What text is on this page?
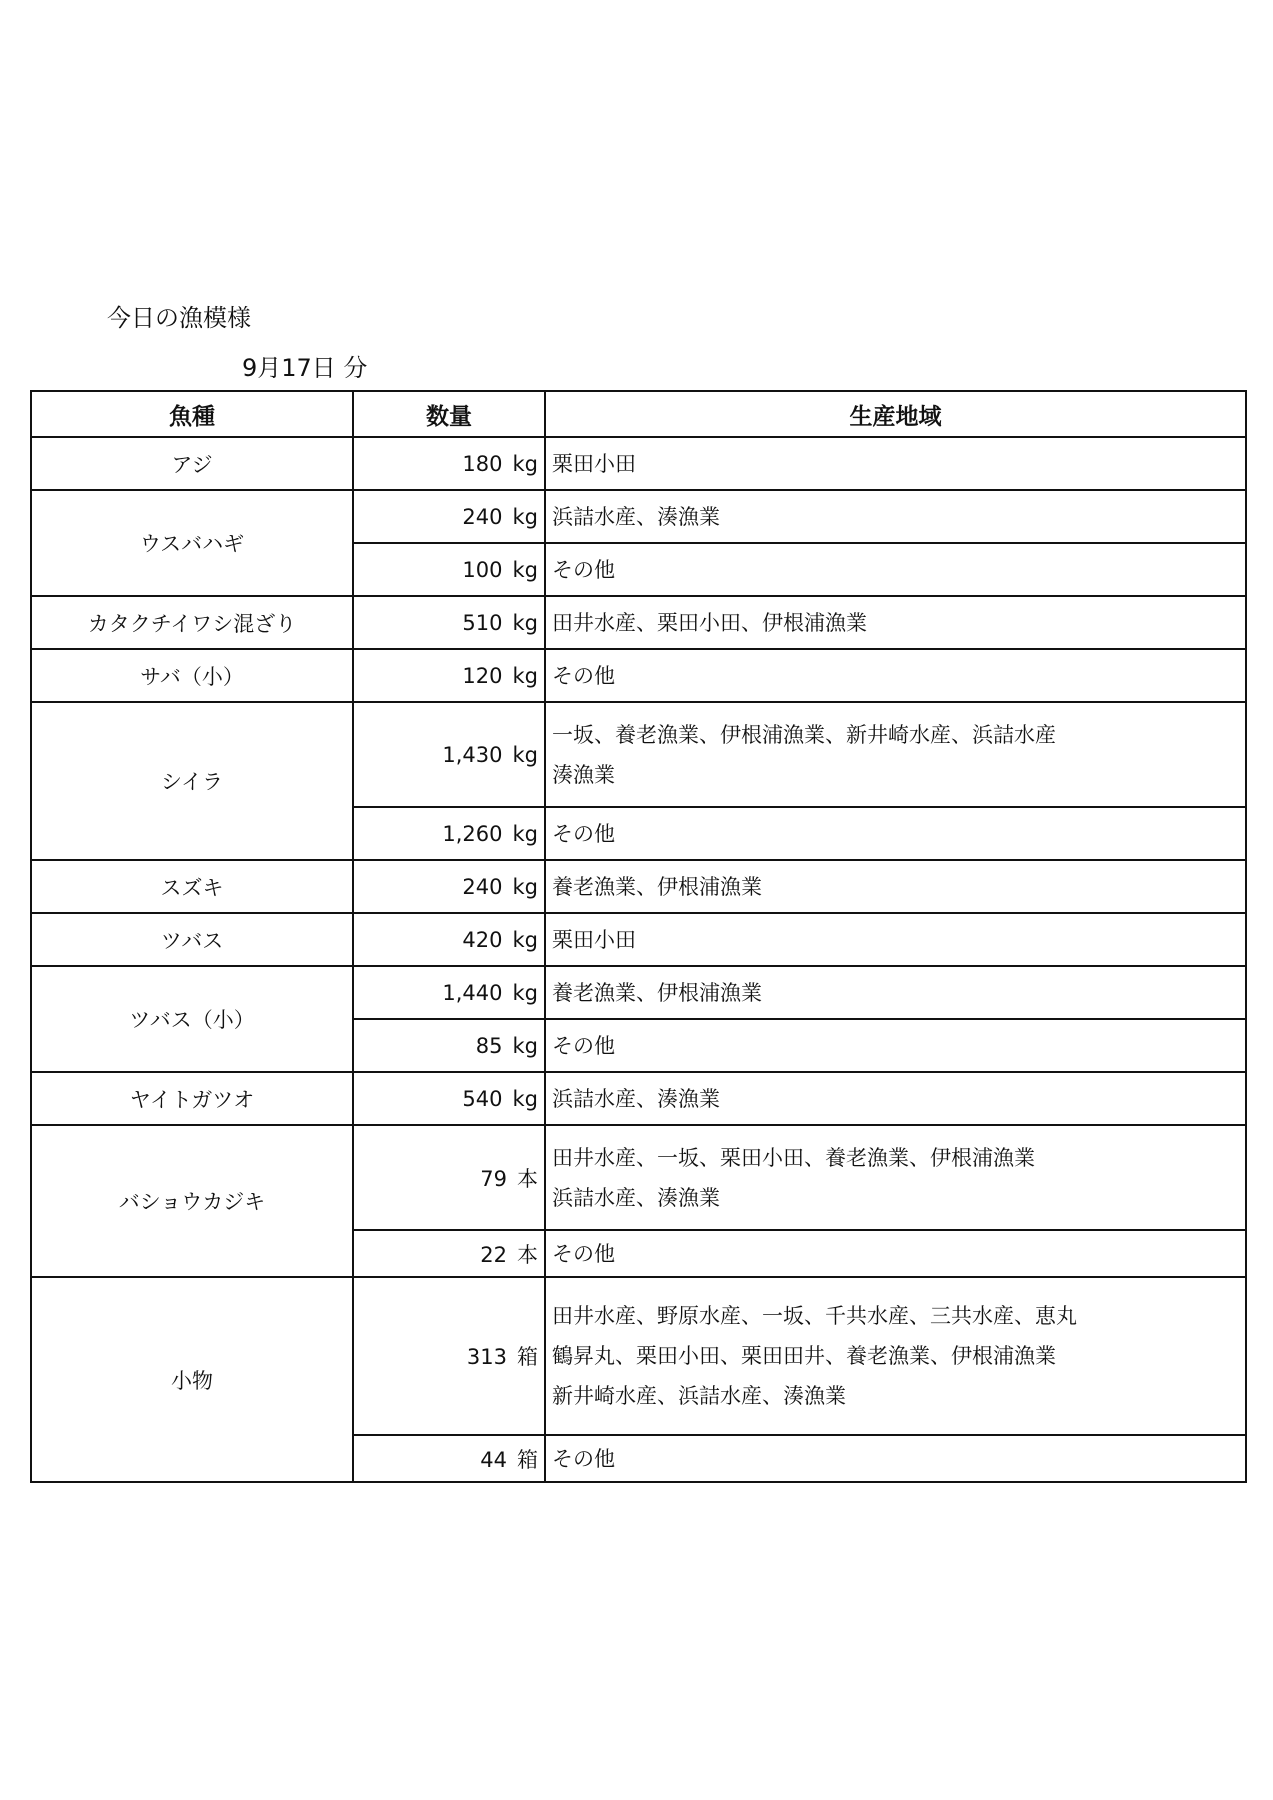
今日の漁模様
9月17日 分
魚種	数量	生産地域
アジ	180 kg	栗田小田

ウスバハギ	240 kg	浜詰水産、湊漁業

	100 kg	その他

カタクチイワシ混ざり	510 kg	田井水産、栗田小田、伊根浦漁業

サバ（小）	120 kg	その他

シイラ	1,430 kg	一坂、養老漁業、伊根浦漁業、新井崎水産、浜詰水産
湊漁業

	1,260 kg	その他

スズキ	240 kg	養老漁業、伊根浦漁業

ツバス	420 kg	栗田小田

ツバス（小）	1,440 kg	養老漁業、伊根浦漁業

	85 kg	その他

ヤイトガツオ	540 kg	浜詰水産、湊漁業

バショウカジキ	79 本	田井水産、一坂、栗田小田、養老漁業、伊根浦漁業
浜詰水産、湊漁業

	22 本	その他

小物	313 箱	田井水産、野原水産、一坂、千共水産、三共水産、恵丸
鶴昇丸、栗田小田、栗田田井、養老漁業、伊根浦漁業
新井崎水産、浜詰水産、湊漁業

	44 箱	その他
